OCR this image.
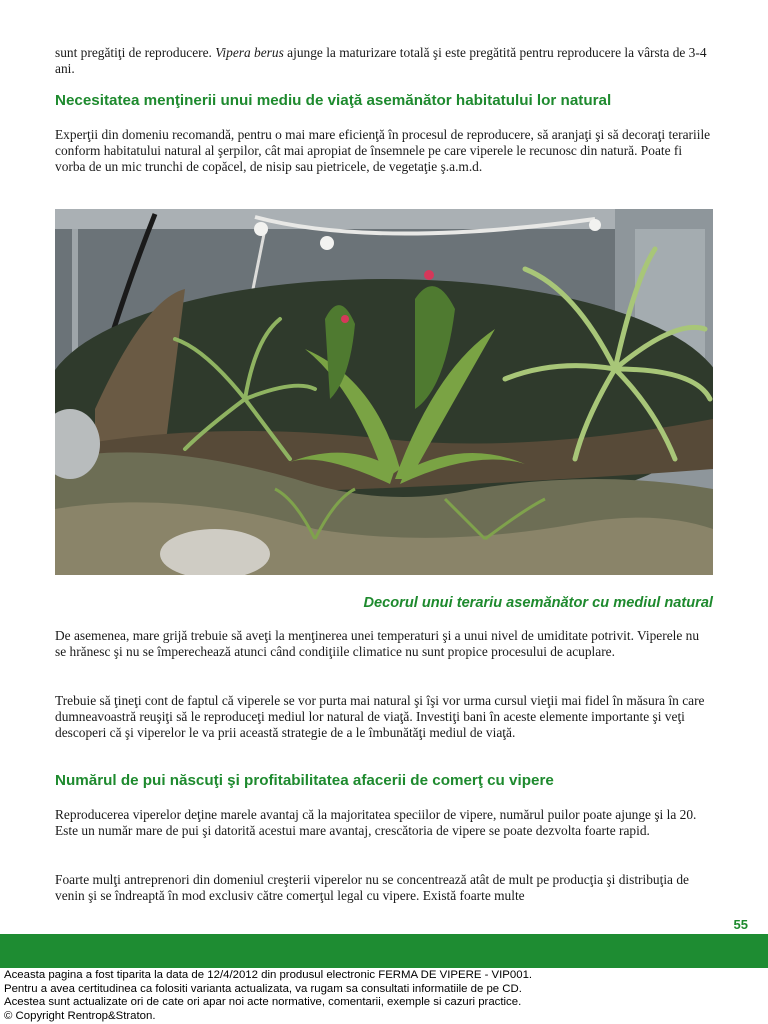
sunt pregătiţi de reproducere. Vipera berus ajunge la maturizare totală şi este pregătită pentru reproducere la vârsta de 3-4 ani.

Necesitatea menţinerii unui mediu de viaţă asemănător habitatului lor natural

Experţii din domeniu recomandă, pentru o mai mare eficienţă în procesul de reproducere, să aranjaţi şi să decoraţi terariile conform habitatului natural al şerpilor, cât mai apropiat de însemnele pe care viperele le recunosc din natură. Poate fi vorba de un mic trunchi de copăcel, de nisip sau pietricele, de vegetaţie ş.a.m.d.

Decorul unui terariu asemănător cu mediul natural

De asemenea, mare grijă trebuie să aveţi la menţinerea unei temperaturi şi a unui nivel de umiditate potrivit. Viperele nu se hrănesc şi nu se împerechează atunci când condiţiile climatice nu sunt propice procesului de acuplare.

Trebuie să ţineţi cont de faptul că viperele se vor purta mai natural şi îşi vor urma cursul vieţii mai fidel în măsura în care dumneavoastră reuşiţi să le reproduceţi mediul lor natural de viaţă. Investiţi bani în aceste elemente importante şi veţi descoperi că şi viperelor le va prii această strategie de a le îmbunătăţi mediul de viaţă.

Numărul de pui născuţi şi profitabilitatea afacerii de comerţ cu vipere

Reproducerea viperelor deţine marele avantaj că la majoritatea speciilor de vipere, numărul puilor poate ajunge şi la 20. Este un număr mare de pui şi datorită acestui mare avantaj, crescătoria de vipere se poate dezvolta foarte rapid.

Foarte mulţi antreprenori din domeniul creşterii viperelor nu se concentrează atât de mult pe producţia şi distribuţia de venin şi se îndreaptă în mod exclusiv către comerţul legal cu vipere. Există foarte multe

55
Aceasta pagina a fost tiparita la data de 12/4/2012 din produsul electronic FERMA DE VIPERE - VIP001.
Pentru a avea certitudinea ca folositi varianta actualizata, va rugam sa consultati informatiile de pe CD.
Acestea sunt actualizate ori de cate ori apar noi acte normative, comentarii, exemple si cazuri practice.
© Copyright Rentrop&Straton.
